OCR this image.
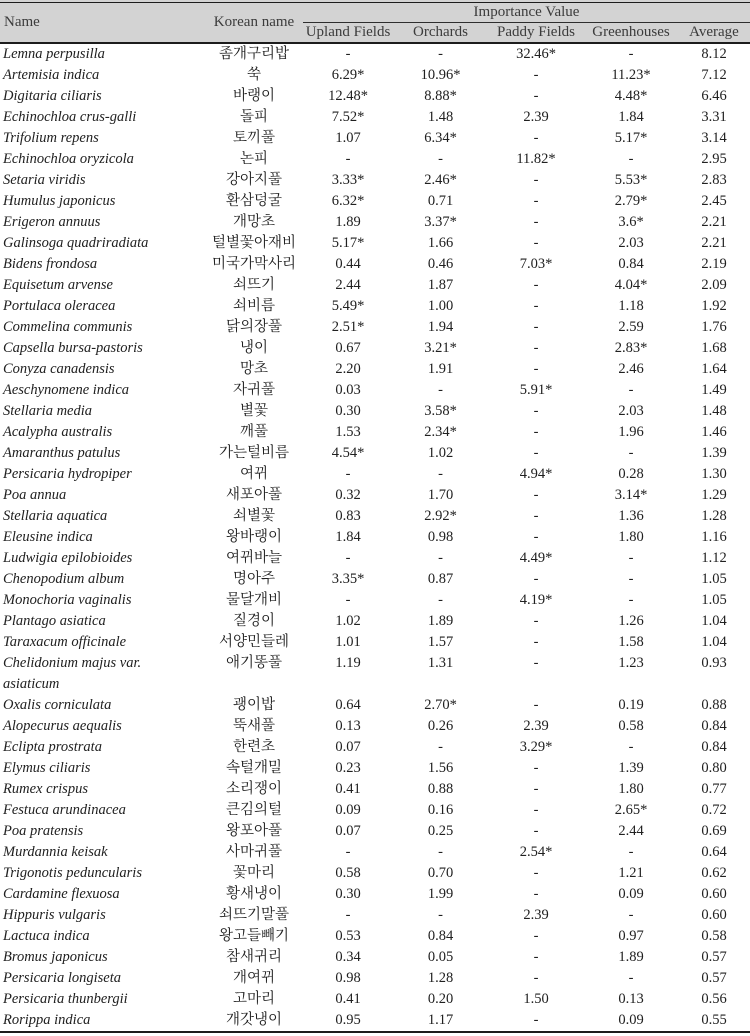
Name	Korean name	Importance Value				
		Upland Fields	Orchards	Paddy Fields	Greenhouses	Average
Lemna perpusilla	좀개구리밥	-	-	32.46*	-	8.12
Artemisia indica	쑥	6.29*	10.96*	-	11.23*	7.12
Digitaria ciliaris	바랭이	12.48*	8.88*	-	4.48*	6.46
Echinochloa crus-galli	돌피	7.52*	1.48	2.39	1.84	3.31
Trifolium repens	토끼풀	1.07	6.34*	-	5.17*	3.14
Echinochloa oryzicola	논피	-	-	11.82*	-	2.95
Setaria viridis	강아지풀	3.33*	2.46*	-	5.53*	2.83
Humulus japonicus	환삼덩굴	6.32*	0.71	-	2.79*	2.45
Erigeron annuus	개망초	1.89	3.37*	-	3.6*	2.21
Galinsoga quadriradiata	털별꽃아재비	5.17*	1.66	-	2.03	2.21
Bidens frondosa	미국가막사리	0.44	0.46	7.03*	0.84	2.19
Equisetum arvense	쇠뜨기	2.44	1.87	-	4.04*	2.09
Portulaca oleracea	쇠비름	5.49*	1.00	-	1.18	1.92
Commelina communis	닭의장풀	2.51*	1.94	-	2.59	1.76
Capsella bursa-pastoris	냉이	0.67	3.21*	-	2.83*	1.68
Conyza canadensis	망초	2.20	1.91	-	2.46	1.64
Aeschynomene indica	자귀풀	0.03	-	5.91*	-	1.49
Stellaria media	별꽃	0.30	3.58*	-	2.03	1.48
Acalypha australis	깨풀	1.53	2.34*	-	1.96	1.46
Amaranthus patulus	가는털비름	4.54*	1.02	-	-	1.39
Persicaria hydropiper	여뀌	-	-	4.94*	0.28	1.30
Poa annua	새포아풀	0.32	1.70	-	3.14*	1.29
Stellaria aquatica	쇠별꽃	0.83	2.92*	-	1.36	1.28
Eleusine indica	왕바랭이	1.84	0.98	-	1.80	1.16
Ludwigia epilobioides	여뀌바늘	-	-	4.49*	-	1.12
Chenopodium album	명아주	3.35*	0.87	-	-	1.05
Monochoria vaginalis	물달개비	-	-	4.19*	-	1.05
Plantago asiatica	질경이	1.02	1.89	-	1.26	1.04
Taraxacum officinale	서양민들레	1.01	1.57	-	1.58	1.04
Chelidonium majus var. asiaticum	애기똥풀	1.19	1.31	-	1.23	0.93
Oxalis corniculata	괭이밥	0.64	2.70*	-	0.19	0.88
Alopecurus aequalis	뚝새풀	0.13	0.26	2.39	0.58	0.84
Eclipta prostrata	한련초	0.07	-	3.29*	-	0.84
Elymus ciliaris	속털개밀	0.23	1.56	-	1.39	0.80
Rumex crispus	소리쟁이	0.41	0.88	-	1.80	0.77
Festuca arundinacea	큰김의털	0.09	0.16	-	2.65*	0.72
Poa pratensis	왕포아풀	0.07	0.25	-	2.44	0.69
Murdannia keisak	사마귀풀	-	-	2.54*	-	0.64
Trigonotis peduncularis	꽃마리	0.58	0.70	-	1.21	0.62
Cardamine flexuosa	황새냉이	0.30	1.99	-	0.09	0.60
Hippuris vulgaris	쇠뜨기말풀	-	-	2.39	-	0.60
Lactuca indica	왕고들빼기	0.53	0.84	-	0.97	0.58
Bromus japonicus	참새귀리	0.34	0.05	-	1.89	0.57
Persicaria longiseta	개여뀌	0.98	1.28	-	-	0.57
Persicaria thunbergii	고마리	0.41	0.20	1.50	0.13	0.56
Rorippa indica	개갓냉이	0.95	1.17	-	0.09	0.55
